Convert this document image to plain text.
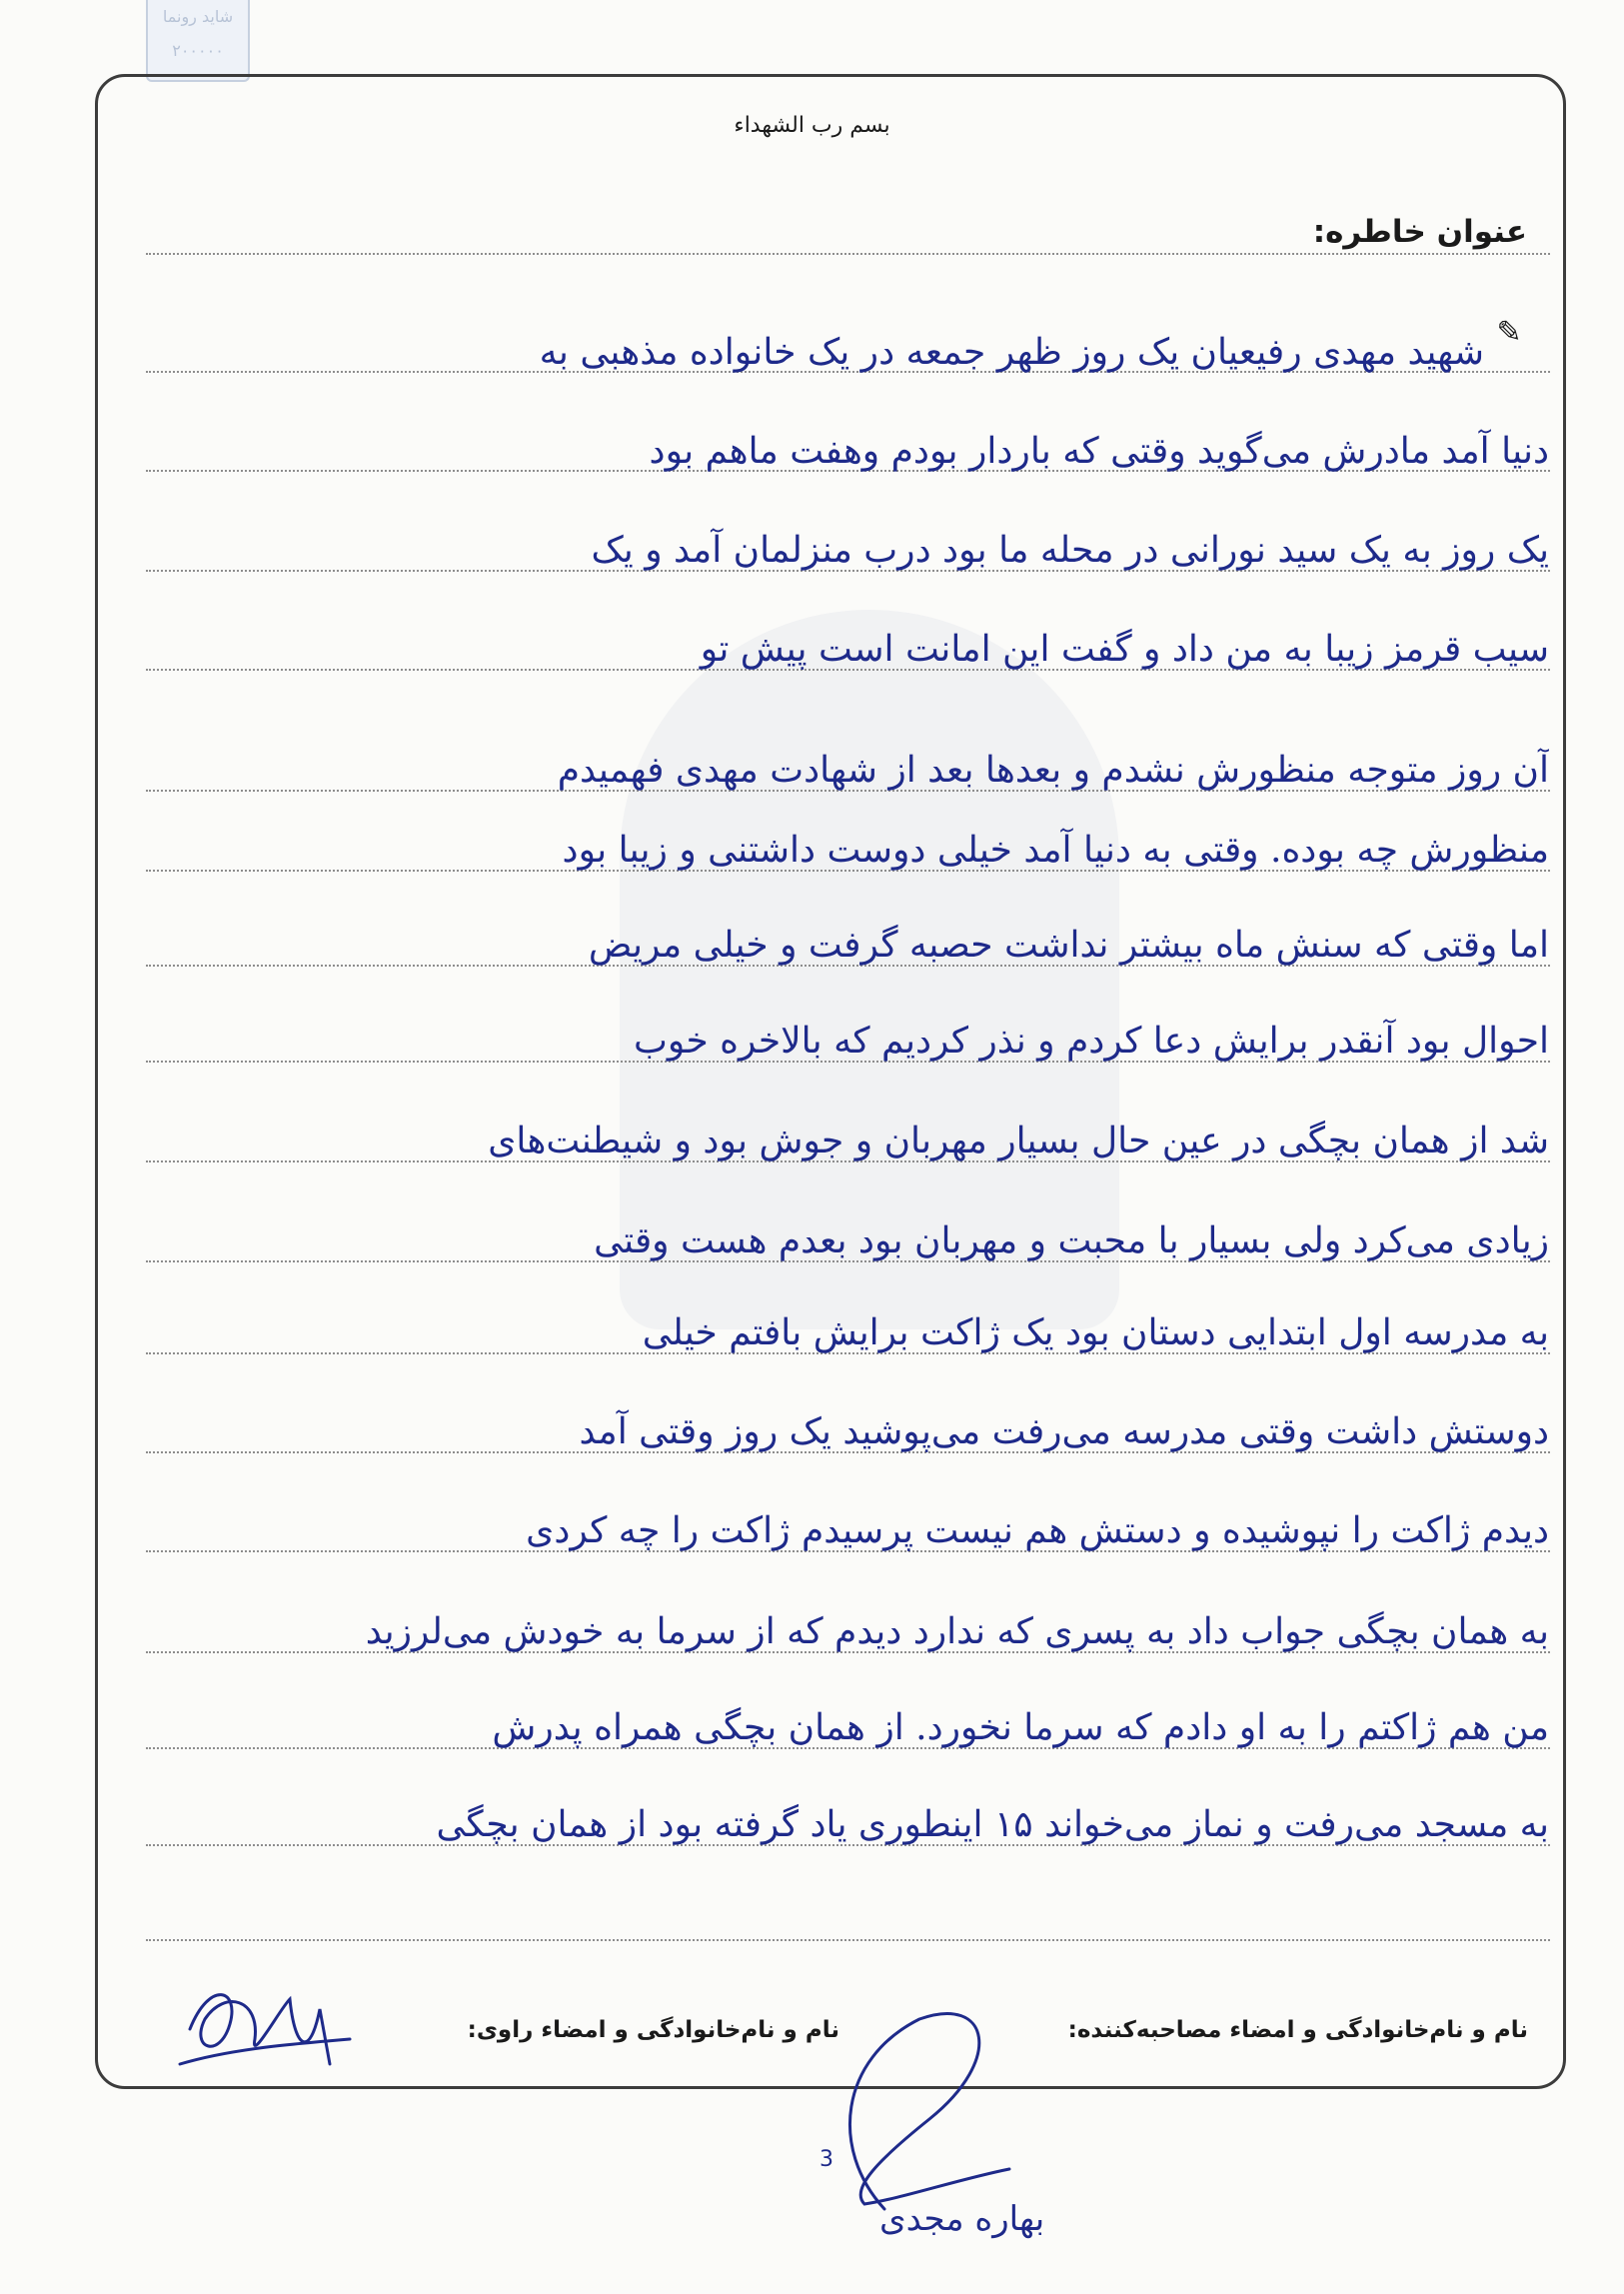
شاید رونما ۲۰۰۰۰۰
بسم رب الشهداء
عنوان خاطره:
✎
شهید مهدی رفیعیان یک روز ظهر جمعه در یک خانواده مذهبی به
دنیا آمد مادرش می‌گوید وقتی که باردار بودم وهفت ماهم بود
یک روز به یک سید نورانی در محله ما بود درب منزلمان آمد و یک
سیب قرمز زیبا به من داد و گفت این امانت است پیش تو
آن روز متوجه منظورش نشدم و بعد‌ها بعد از شهادت مهدی فهمیدم
منظورش چه بوده. وقتی به دنیا آمد خیلی دوست داشتنی و زیبا بود
اما وقتی که سنش ماه بیشتر نداشت حصبه گرفت و خیلی مریض
احوال بود آنقدر برایش دعا کردم و نذر کردیم که بالاخره خوب
شد از همان بچگی در عین حال بسیار مهربان و جوش بود و شیطنت‌های
زیادی می‌کرد ولی بسیار با محبت و مهربان بود بعدم هست وقتی
به مدرسه اول ابتدایی دستان بود یک ژاکت برایش بافتم خیلی
دوستش داشت وقتی مدرسه می‌رفت می‌پوشید یک روز وقتی آمد
دیدم ژاکت را نپوشیده و دستش هم نیست پرسیدم ژاکت را چه کردی
به همان بچگی جواب داد به پسری که ندارد دیدم که از سرما به خودش می‌لرزید
من هم ژاکتم را به او دادم که سرما نخورد. از همان بچگی همراه پدرش
به مسجد می‌رفت و نماز می‌خواند ۱۵ اینطوری یاد گرفته بود از همان بچگی
نام و نام‌خانوادگی و امضاء مصاحبه‌کننده:
نام و نام‌خانوادگی و امضاء راوی:
3
بهاره مجدی
